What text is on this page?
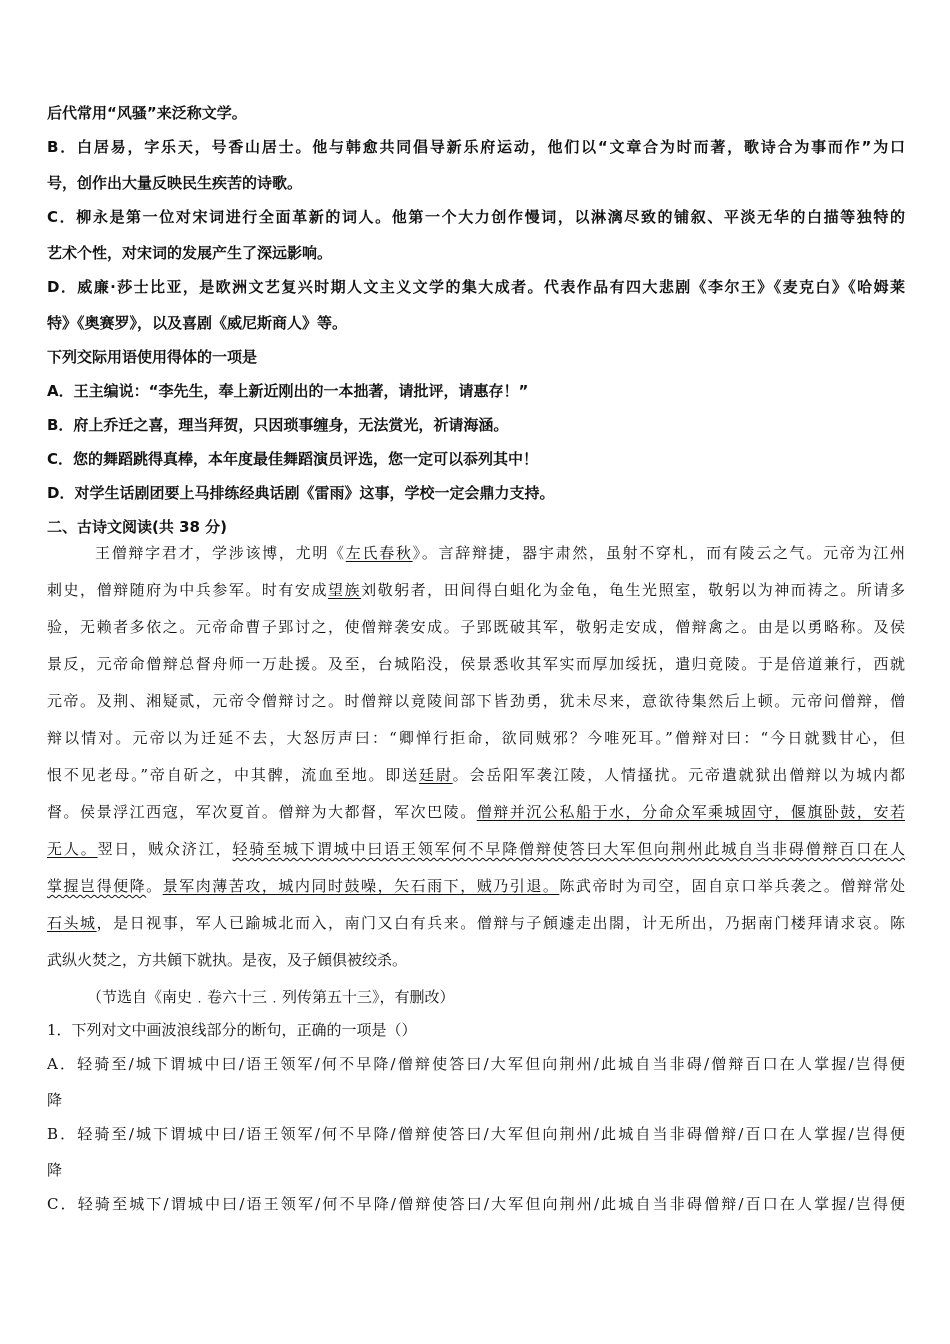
后代常用“风骚”来泛称文学。
B．白居易，字乐天，号香山居士。他与韩愈共同倡导新乐府运动，他们以“文章合为时而著，歌诗合为事而作”为口
号，创作出大量反映民生疾苦的诗歌。
C．柳永是第一位对宋词进行全面革新的词人。他第一个大力创作慢词，以淋漓尽致的铺叙、平淡无华的白描等独特的
艺术个性，对宋词的发展产生了深远影响。
D．威廉·莎士比亚，是欧洲文艺复兴时期人文主义文学的集大成者。代表作品有四大悲剧《李尔王》《麦克白》《哈姆莱
特》《奥赛罗》，以及喜剧《威尼斯商人》等。
下列交际用语使用得体的一项是
A．王主编说：“李先生，奉上新近刚出的一本拙著，请批评，请惠存！”
B．府上乔迁之喜，理当拜贺，只因琐事缠身，无法赏光，祈请海涵。
C．您的舞蹈跳得真棒，本年度最佳舞蹈演员评选，您一定可以忝列其中！
D．对学生话剧团要上马排练经典话剧《雷雨》这事，学校一定会鼎力支持。
二、古诗文阅读(共 38 分)
王僧辩字君才，学涉该博，尤明《左氏春秋》。言辞辩捷，器宇肃然，虽射不穿札，而有陵云之气。元帝为江州
刺史，僧辩随府为中兵参军。时有安成望族刘敬躬者，田间得白蛆化为金龟，龟生光照室，敬躬以为神而祷之。所请多
验，无赖者多依之。元帝命曹子郢讨之，使僧辩袭安成。子郢既破其军，敬躬走安成，僧辩禽之。由是以勇略称。及侯
景反，元帝命僧辩总督舟师一万赴援。及至，台城陷没，侯景悉收其军实而厚加绥抚，遣归竟陵。于是倍道兼行，西就
元帝。及荆、湘疑贰，元帝令僧辩讨之。时僧辩以竟陵间部下皆劲勇，犹未尽来，意欲待集然后上顿。元帝问僧辩，僧
辩以情对。元帝以为迁延不去，大怒厉声曰：“卿惮行拒命，欲同贼邪？今唯死耳。”僧辩对曰：“今日就戮甘心，但
恨不见老母。”帝自斫之，中其髀，流血至地。即送廷尉。会岳阳军袭江陵，人情搔扰。元帝遣就狱出僧辩以为城内都
督。侯景浮江西寇，军次夏首。僧辩为大都督，军次巴陵。僧辩并沉公私船于水，分命众军乘城固守，偃旗卧鼓，安若
无人。翌日，贼众济江，轻骑至城下谓城中曰语王领军何不早降僧辩使答曰大军但向荆州此城自当非碍僧辩百口在人
掌握岂得便降。景军肉薄苦攻，城内同时鼓噪，矢石雨下，贼乃引退。陈武帝时为司空，固自京口举兵袭之。僧辩常处
石头城，是日视事，军人已踰城北而入，南门又白有兵来。僧辩与子頠遽走出閤，计无所出，乃据南门楼拜请求哀。陈
武纵火焚之，方共頠下就执。是夜，及子頠俱被绞杀。
（节选自《南史﹒卷六十三﹒列传第五十三》，有删改）
1．下列对文中画波浪线部分的断句，正确的一项是（）
A．轻骑至/城下谓城中曰/语王领军/何不早降/僧辩使答曰/大军但向荆州/此城自当非碍/僧辩百口在人掌握/岂得便
降
B．轻骑至/城下谓城中曰/语王领军/何不早降/僧辩使答曰/大军但向荆州/此城自当非碍僧辩/百口在人掌握/岂得便
降
C．轻骑至城下/谓城中曰/语王领军/何不早降/僧辩使答曰/大军但向荆州/此城自当非碍僧辩/百口在人掌握/岂得便
